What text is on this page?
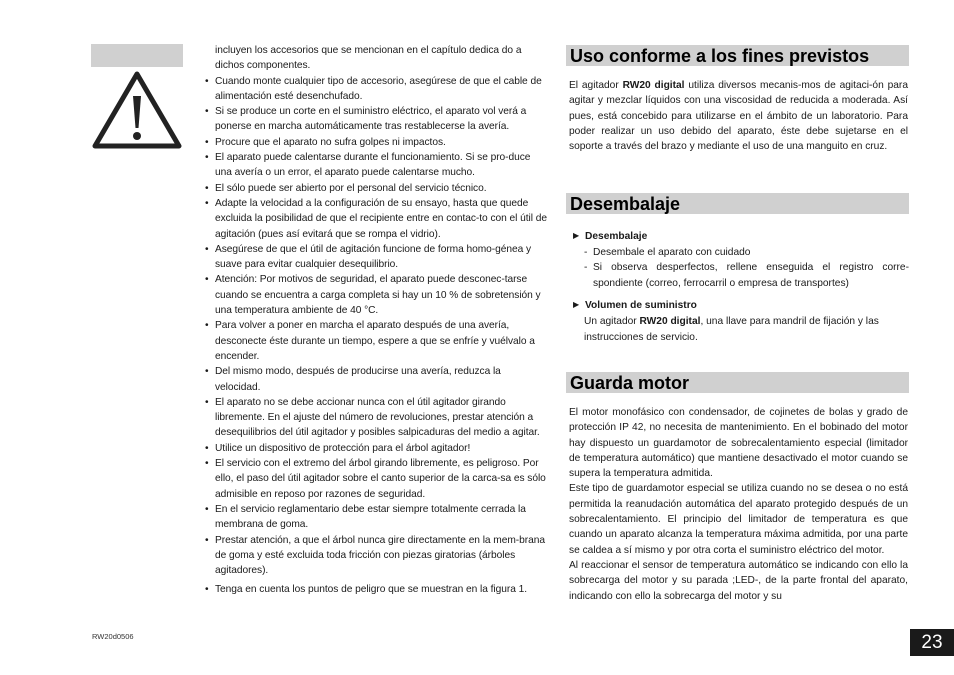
incluyen los accesorios que se mencionan en el capítulo dedica do a dichos componentes.
• Cuando monte cualquier tipo de accesorio, asegúrese de que el cable de alimentación esté desenchufado.
• Si se produce un corte en el suministro eléctrico, el aparato vol verá a ponerse en marcha automáticamente tras restablecerse la avería.
• Procure que el aparato no sufra golpes ni impactos.
• El aparato puede calentarse durante el funcionamiento. Si se pro-duce una avería o un error, el aparato puede calentarse mucho.
• El sólo puede ser abierto por el personal del servicio técnico.
• Adapte la velocidad a la configuración de su ensayo, hasta que quede excluida la posibilidad de que el recipiente entre en contac-to con el útil de agitación (pues así evitará que se rompa el vidrio).
• Asegúrese de que el útil de agitación funcione de forma homo-génea y suave para evitar cualquier desequilibrio.
• Atención: Por motivos de seguridad, el aparato puede desconec-tarse cuando se encuentra a carga completa si hay un 10 % de sobretensión y una temperatura ambiente de 40 °C.
• Para volver a poner en marcha el aparato después de una avería, desconecte éste durante un tiempo, espere a que se enfríe y vuélvalo a encender.
• Del mismo modo, después de producirse una avería, reduzca la velocidad.
• El aparato no se debe accionar nunca con el útil agitador girando libremente. En el ajuste del número de revoluciones, prestar atención a desequilibrios del útil agitador y posibles salpicaduras del medio a agitar.
• Utilice un dispositivo de protección para el árbol agitador!
• El servicio con el extremo del árbol girando libremente, es peligroso. Por ello, el paso del útil agitador sobre el canto superior de la carca-sa es sólo admisible en reposo por razones de seguridad.
• En el servicio reglamentario debe estar siempre totalmente cerrada la membrana de goma.
• Prestar atención, a que el árbol nunca gire directamente en la mem-brana de goma y esté excluida toda fricción con piezas giratorias (árboles agitadores).
• Tenga en cuenta los puntos de peligro que se muestran en la figura 1.
RW20d0506
Uso conforme a los fines previstos

El agitador RW20 digital utiliza diversos mecanis-mos de agitaci-ón para agitar y mezclar líquidos con una viscosidad de reducida a moderada. Así pues, está concebido para utilizarse en el ámbito de un laboratorio. Para poder realizar un uso debido del aparato, éste debe sujetarse en el soporte a través del brazo y mediante el uso de una manguito en cruz.

Desembalaje
▶ Desembalaje
- Desembale el aparato con cuidado
- Si observa desperfectos, rellene enseguida el registro corre-spondiente (correo, ferrocarril o empresa de transportes)
▶ Volumen de suministro
Un agitador RW20 digital, una llave para mandril de fijación y las instrucciones de servicio.
Guarda motor

El motor monofásico con condensador, de cojinetes de bolas y grado de protección IP 42, no necesita de mantenimiento. En el bobinado del motor hay dispuesto un guardamotor de sobrecalentamiento especial (limitador de temperatura automático) que mantiene desactivado el motor cuando se supera la temperatura admitida.

Este tipo de guardamotor especial se utiliza cuando no se desea o no está permitida la reanudación automática del aparato protegido después de un sobrecalentamiento. El principio del limitador de temperatura es que cuando un aparato alcanza la temperatura máxima admitida, por una parte se caldea a sí mismo y por otra corta el suministro eléctrico del motor.

Al reaccionar el sensor de temperatura automático se indicando con ello la sobrecarga del motor y su parada ;LED-, de la parte frontal del aparato, indicando con ello la sobrecarga del motor y su

23
